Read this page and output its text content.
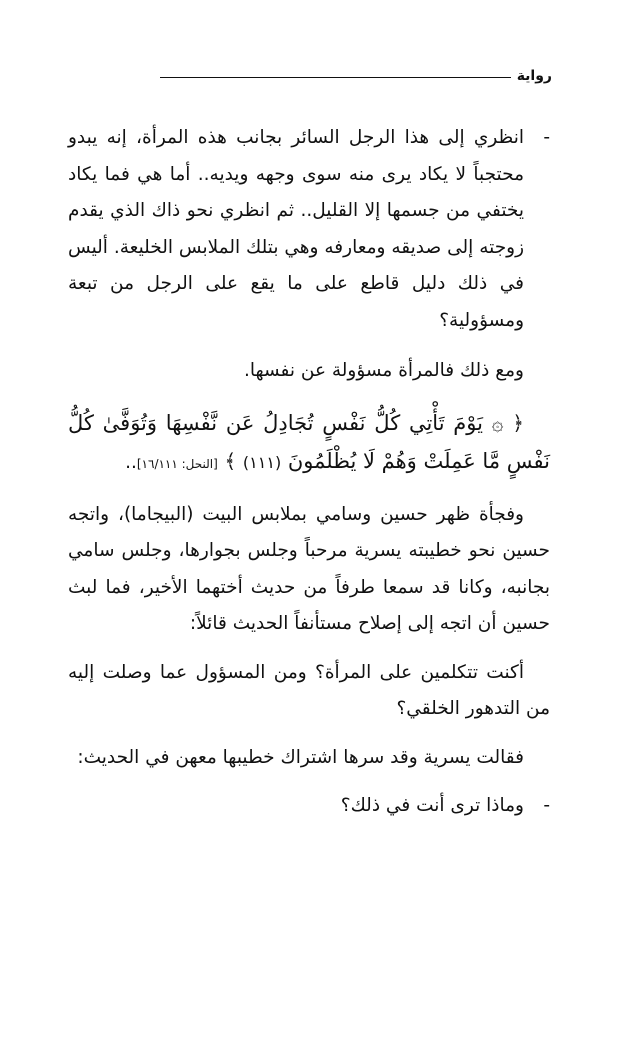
رواية

-
انظري إلى هذا الرجل السائر بجانب هذه المرأة، إنه يبدو محتجباً لا يكاد يرى منه سوى وجهه ويديه.. أما هي فما يكاد يختفي من جسمها إلا القليل.. ثم انظري نحو ذاك الذي يقدم زوجته إلى صديقه ومعارفه وهي بتلك الملابس الخليعة. أليس في ذلك دليل قاطع على ما يقع على الرجل من تبعة ومسؤولية؟

ومع ذلك فالمرأة مسؤولة عن نفسها.

﴿ ۞ يَوْمَ تَأْتِي كُلُّ نَفْسٍ تُجَادِلُ عَن نَّفْسِهَا وَتُوَفَّىٰ كُلُّ نَفْسٍ مَّا عَمِلَتْ وَهُمْ لَا يُظْلَمُونَ (١١١) ﴾ [النحل: ١٦/١١١]..

وفجأة ظهر حسين وسامي بملابس البيت (البيجاما)، واتجه حسين نحو خطيبته يسرية مرحباً وجلس بجوارها، وجلس سامي بجانبه، وكانا قد سمعا طرفاً من حديث أختهما الأخير، فما لبث حسين أن اتجه إلى إصلاح مستأنفاً الحديث قائلاً:

أكنت تتكلمين على المرأة؟ ومن المسؤول عما وصلت إليه من التدهور الخلقي؟

فقالت يسرية وقد سرها اشتراك خطيبها معهن في الحديث:

-
وماذا ترى أنت في ذلك؟
